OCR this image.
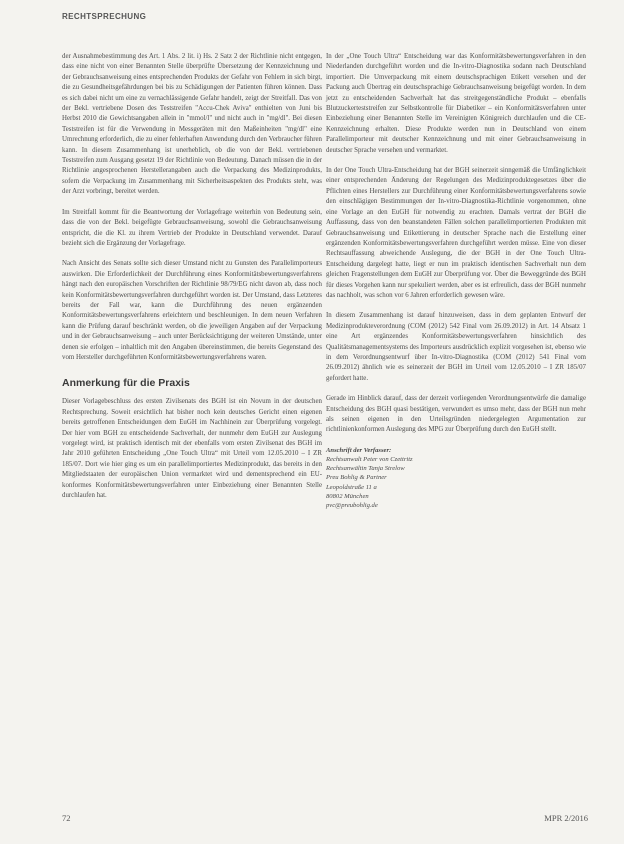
RECHTSPRECHUNG

der Ausnahmebestimmung des Art. 1 Abs. 2 lit. i) Hs. 2 Satz 2 der Richtlinie nicht entgegen, dass eine nicht von einer Benannten Stelle überprüfte Übersetzung der Kennzeichnung und der Gebrauchsanweisung eines entsprechenden Produkts der Gefahr von Fehlern in sich birgt, die zu Gesundheitsgefährdungen bei bis zu Schädigungen der Patienten führen können. Dass es sich dabei nicht um eine zu vernachlässigende Gefahr handelt, zeigt der Streitfall. Das von der Bekl. vertriebene Dosen des Teststreifen "Accu-Chek Aviva" enthielten von Juni bis Herbst 2010 die Gewichtsangaben allein in "mmol/l" und nicht auch in "mg/dl". Bei diesen Teststreifen ist für die Verwendung in Messgeräten mit den Maßeinheiten "mg/dl" eine Umrechnung erforderlich, die zu einer fehlerhaften Anwendung durch den Verbraucher führen kann. In diesem Zusammenhang ist unerheblich, ob die von der Bekl. vertriebenen Teststreifen zum Ausgang gesetzt 19 der Richtlinie von Bedeutung. Danach müssen die in der Richtlinie angesprochenen Herstellerangaben auch die Verpackung des Medizinprodukts, sofern die Verpackung im Zusammenhang mit Sicherheitsaspekten des Produkts steht, was der Arzt vorbringt, bereitet werden.

Im Streitfall kommt für die Beantwortung der Vorlagefrage weiterhin von Bedeutung sein, dass die von der Bekl. beigefügte Gebrauchsanweisung, sowohl die Gebrauchsanweisung entspricht, die die Kl. zu ihrem Vertrieb der Produkte in Deutschland verwendet. Darauf bezieht sich die Ergänzung der Vorlagefrage.

Nach Ansicht des Senats sollte sich dieser Umstand nicht zu Gunsten des Parallelimporteurs auswirken. Die Erforderlichkeit der Durchführung eines Konformitätsbewertungsverfahrens hängt nach den europäischen Vorschriften der Richtlinie 98/79/EG nicht davon ab, dass noch kein Konformitätsbewertungsverfahren durchgeführt worden ist. Der Umstand, dass Letzteres bereits der Fall war, kann die Durchführung des neuen ergänzenden Konformitätsbewertungsverfahrens erleichtern und beschleunigen. In dem neuen Verfahren kann die Prüfung darauf beschränkt werden, ob die jeweiligen Angaben auf der Verpackung und in der Gebrauchsanweisung – auch unter Berücksichtigung der weiteren Umstände, unter denen sie erfolgen – inhaltlich mit den Angaben übereinstimmen, die bereits Gegenstand des vom Hersteller durchgeführten Konformitätsbewertungsverfahrens waren.

Anmerkung für die Praxis

Dieser Vorlagebeschluss des ersten Zivilsenats des BGH ist ein Novum in der deutschen Rechtsprechung. Soweit ersichtlich hat bisher noch kein deutsches Gericht einen eigenen bereits getroffenen Entscheidungen dem EuGH im Nachhinein zur Überprüfung vorgelegt. Der hier vom BGH zu entscheidende Sachverhalt, der nunmehr dem EuGH zur Auslegung vorgelegt wird, ist praktisch identisch mit der ebenfalls vom ersten Zivilsenat des BGH im Jahr 2010 geführten Entscheidung „One Touch Ultra“ mit Urteil vom 12.05.2010 – I ZR 185/07. Dort wie hier ging es um ein parallelimportiertes Medizinprodukt, das bereits in den Mitgliedstaaten der europäischen Union vermarktet wird und dementsprechend ein EU-konformes Konformitätsbewertungsverfahren unter Einbeziehung einer Benannten Stelle durchlaufen hat.

In der „One Touch Ultra“ Entscheidung war das Konformitätsbewertungsverfahren in den Niederlanden durchgeführt worden und die In-vitro-Diagnostika sodann nach Deutschland importiert. Die Umverpackung mit einem deutschsprachigen Etikett versehen und der Packung auch Übertrag ein deutschsprachige Gebrauchsanweisung beigefügt worden. In dem jetzt zu entscheidenden Sachverhalt hat das streitgegenständliche Produkt – ebenfalls Blutzuckerteststreifen zur Selbstkontrolle für Diabetiker – ein Konformitätsverfahren unter Einbeziehung einer Benannten Stelle im Vereinigten Königreich durchlaufen und die CE-Kennzeichnung erhalten. Diese Produkte werden nun in Deutschland von einem Parallelimporteur mit deutscher Kennzeichnung und mit einer Gebrauchsanweisung in deutscher Sprache versehen und vermarktet.

In der One Touch Ultra-Entscheidung hat der BGH seinerzeit sinngemäß die Umfänglichkeit einer entsprechenden Änderung der Regelungen des Medizinproduktegesetzes über die Pflichten eines Herstellers zur Durchführung einer Konformitätsbewertungsverfahrens sowie den einschlägigen Bestimmungen der In-vitro-Diagnostika-Richtlinie vorgenommen, ohne eine Vorlage an den EuGH für notwendig zu erachten. Damals vertrat der BGH die Auffassung, dass von den beanstandeten Fällen solchen parallelimportierten Produkten mit Gebrauchsanweisung und Etikettierung in deutscher Sprache nach die Erstellung einer ergänzenden Konformitätsbewertungsverfahren durchgeführt werden müsse. Eine von dieser Rechtsauffassung abweichende Auslegung, die der BGH in der One Touch Ultra-Entscheidung dargelegt hatte, liegt er nun im praktisch identischen Sachverhalt nun dem gleichen Fragenstellungen dem EuGH zur Überprüfung vor. Über die Beweggründe des BGH für dieses Vorgehen kann nur spekuliert werden, aber es ist erfreulich, dass der BGH nunmehr das nachholt, was schon vor 6 Jahren erforderlich gewesen wäre.

In diesem Zusammenhang ist darauf hinzuweisen, dass in dem geplanten Entwurf der Medizinprodukteverordnung (COM (2012) 542 Final vom 26.09.2012) in Art. 14 Absatz 1 eine Art ergänzendes Konformitätsbewertungsverfahren hinsichtlich des Qualitätsmanagementsystems des Importeurs ausdrücklich explizit vorgesehen ist, ebenso wie in dem Verordnungsentwurf über In-vitro-Diagnostika (COM (2012) 541 Final vom 26.09.2012) ähnlich wie es seinerzeit der BGH im Urteil vom 12.05.2010 – I ZR 185/07 gefordert hatte.

Gerade im Hinblick darauf, dass der derzeit vorliegenden Verordnungsentwürfe die damalige Entscheidung des BGH quasi bestätigen, verwundert es umso mehr, dass der BGH nun mehr als seinen eigenen in den Urteilsgründen niedergelegten Argumentation zur richtlinienkonformen Auslegung des MPG zur Überprüfung durch den EuGH stellt.

Anschrift der Verfasser:
Rechtsanwalt Peter von Czettritz
Rechtsanwältin Tanja Strelow
Preu Bohlig & Partner
Leopoldstraße 11 a
80802 München
pvc@preubohlig.de
72	MPR 2/2016
